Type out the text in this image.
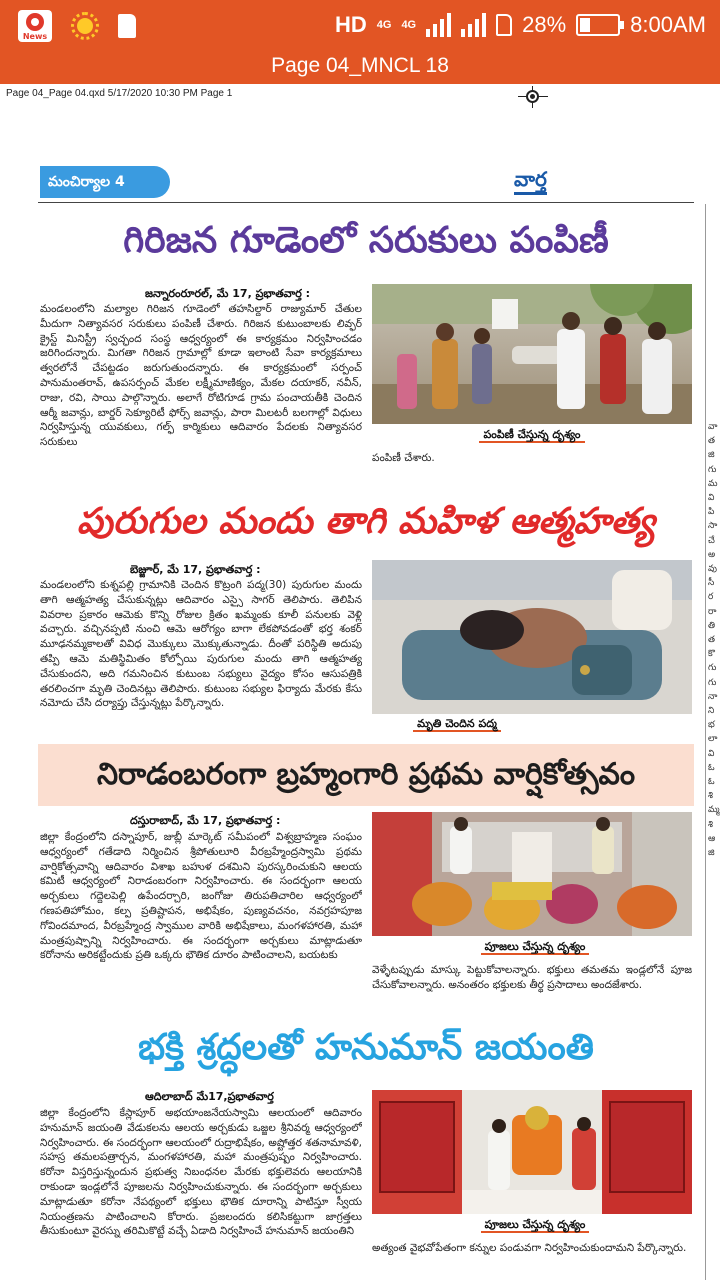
News	HD 4G 4G	28%	8:00AM
Page 04_MNCL 18
Page 04_Page 04.qxd 5/17/2020 10:30 PM Page 1
మంచిర్యాల 4	వార్త
వా త జి గు మ వి పి సా చే అ వు సీ ర రా తి త కొ గు గు నా ని భ లా వి ఓ ఓ శి మ్మ శి ఆ జి
గిరిజన గూడెంలో సరుకులు పంపిణీ
జన్నారంరూరల్, మే 17, ప్రభాతవార్త :
మండలంలోని మల్యాల గిరిజన గూడెంలో తహసిల్దార్ రాజ్యుమార్ చేతుల మీదుగా నిత్యావసర సరుకులు పంపిణీ చేశారు. గిరిజన కుటుంబాలకు లివ్ఫర్ క్రైస్ట్ మినిస్ట్రీ స్వచ్ఛంద సంస్థ ఆధ్వర్యంలో ఈ కార్యక్రమం నిర్వహించడం జరిగిందన్నారు. మిగతా గిరిజన గ్రామాల్లో కూడా ఇలాంటి సేవా కార్యక్రమాలు త్వరలోనే చేపట్టడం జరుగుతుందన్నారు. ఈ కార్యక్రమంలో సర్పంచ్ పానుమంతరావ్, ఉపసర్పంచ్ మేకల లక్ష్మీమాణిక్యం, మేకల దయాకర్, నవీన్, రాజు, రవి, సాయి పాల్గొన్నారు. అలాగే రోటిగూడ గ్రామ పంచాయతీకి చెందిన ఆర్మీ జవాన్లు, బార్డర్ సెక్యూరిటీ ఫోర్స్ జవాన్లు, పారా మిలటరీ బలగాల్లో విధులు నిర్వహిస్తున్న యువకులు, గల్ఫ్ కార్మికులు ఆదివారం పేదలకు నిత్యావసర సరుకులు
పంపిణీ చేస్తున్న దృశ్యం
పంపిణీ చేశారు.
పురుగుల మందు తాగి మహిళ ఆత్మహత్య
బెజ్జూర్, మే 17, ప్రభాతవార్త :
మండలంలోని కుశ్నపల్లి గ్రామానికి చెందిన కొట్రంగి పద్మ(30) పురుగుల మందు తాగి ఆత్మహత్య చేసుకున్నట్లు ఆదివారం ఎస్సై సాగర్ తెలిపారు. తెలిపిన వివరాల ప్రకారం ఆమెకు కొన్ని రోజుల క్రితం ఖమ్మంకు కూలీ పనులకు వెళ్లి వచ్చారు. వచ్చినప్పటి నుంచి ఆమె ఆరోగ్యం బాగా లేకపోవడంతో భర్త శంకర్ మూఢనమ్మకాలతో వివిధ మొక్కులు మొక్కుతున్నాడు. దీంతో పరిస్థితి అదుపు తప్పి ఆమె మతిస్థిమితం కోల్పోయి పురుగుల మందు తాగి ఆత్మహత్య చేసుకుందని, అది గమనించిన కుటుంబ సభ్యులు వైద్యం కోసం ఆసుపత్రికి తరలించగా మృతి చెందినట్లు తెలిపారు. కుటుంబ సభ్యుల ఫిర్యాదు మేరకు కేసు నమోదు చేసి దర్యాప్తు చేస్తున్నట్లు పేర్కొన్నారు.
మృతి చెందిన పద్మ
నిరాడంబరంగా బ్రహ్మంగారి ప్రథమ వార్షికోత్సవం
దస్తురాబాద్, మే 17, ప్రభాతవార్త :
జిల్లా కేంద్రంలోని దస్నాపూర్, జుబ్లీ మార్కెట్ సమీపంలో విశ్వబ్రాహ్మణ సంఘం ఆధ్వర్యంలో గతేడాది నిర్మించిన శ్రీపోతులూరి వీరబ్రహ్మేంద్రస్వామి ప్రథమ వార్షికోత్సవాన్ని ఆదివారం విశాఖ బహుళ దశమిని పురస్కరించుకుని ఆలయ కమిటీ ఆధ్వర్యంలో నిరాడంబరంగా నిర్వహించారు. ఈ సందర్భంగా ఆలయ అర్చకులు గద్దెలపెల్లి ఉపేందర్చారి, జంగోజు తిరుపతిచారిల ఆధ్వర్యంలో గణపతిహోమం, కల్ప ప్రతిష్టాపన, అభిషేకం, పుణ్యవచనం, నవగ్రహపూజ గోవిందమాంద, వీరబ్రహ్మేంద్ర స్వాముల వారికి అభిషేకాలు, మంగళహారతి, మహా మంత్రపుష్పాన్ని నిర్వహించారు. ఈ సందర్భంగా అర్చకులు మాట్లాడుతూ కరోనాను అరికట్టేందుకు ప్రతి ఒక్కరు భౌతిక దూరం పాటించాలని, బయటకు
పూజలు చేస్తున్న దృశ్యం
వెళ్ళేటప్పుడు మాస్కు పెట్టుకోవాలన్నారు. భక్తులు తమతమ ఇండ్లలోనే పూజ చేసుకోవాలన్నారు. అనంతరం భక్తులకు తీర్థ ప్రసాదాలు అందజేశారు.
భక్తి శ్రద్ధలతో హనుమాన్ జయంతి
ఆదిలాబాద్ మే17,ప్రభాతవార్త
జిల్లా కేంద్రంలోని కేస్లాపూర్ అభయాంజనేయస్వామి ఆలయంలో ఆదివారం హనుమాన్ జయంతి వేడుకలను ఆలయ అర్చకుడు ఒజ్జల శ్రీనివర్మ ఆధ్వర్యంలో నిర్వహించారు. ఈ సందర్భంగా ఆలయంలో రుద్రాభిషేకం, అష్టోత్తర శతనామావళి, సహస్ర తమలపత్రార్చన, మంగళహారతి, మహా మంత్రపుష్పం నిర్వహించారు. కరోనా విస్తరిస్తున్నందున ప్రభుత్వ నిబంధనల మేరకు భక్తులెవరు ఆలయానికి రాకుండా ఇండ్లలోనే పూజలను నిర్వహించుకున్నారు. ఈ సందర్భంగా అర్చకులు మాట్లాడుతూ కరోనా నేపథ్యంలో భక్తులు భౌతిక దూరాన్ని పాటిస్తూ స్వీయ నియంత్రణను పాటించాలని కోరారు. ప్రజలందరు కలిసికట్టుగా జాగ్రత్తలు తీసుకుంటూ వైరస్ను తరిమికొట్టే వచ్చే ఏడాది నిర్వహించే హనుమాన్ జయంతిని
పూజలు చేస్తున్న దృశ్యం
అత్యంత వైభవోపేతంగా కన్నుల పండువగా నిర్వహించుకుందామని పేర్కొన్నారు.
